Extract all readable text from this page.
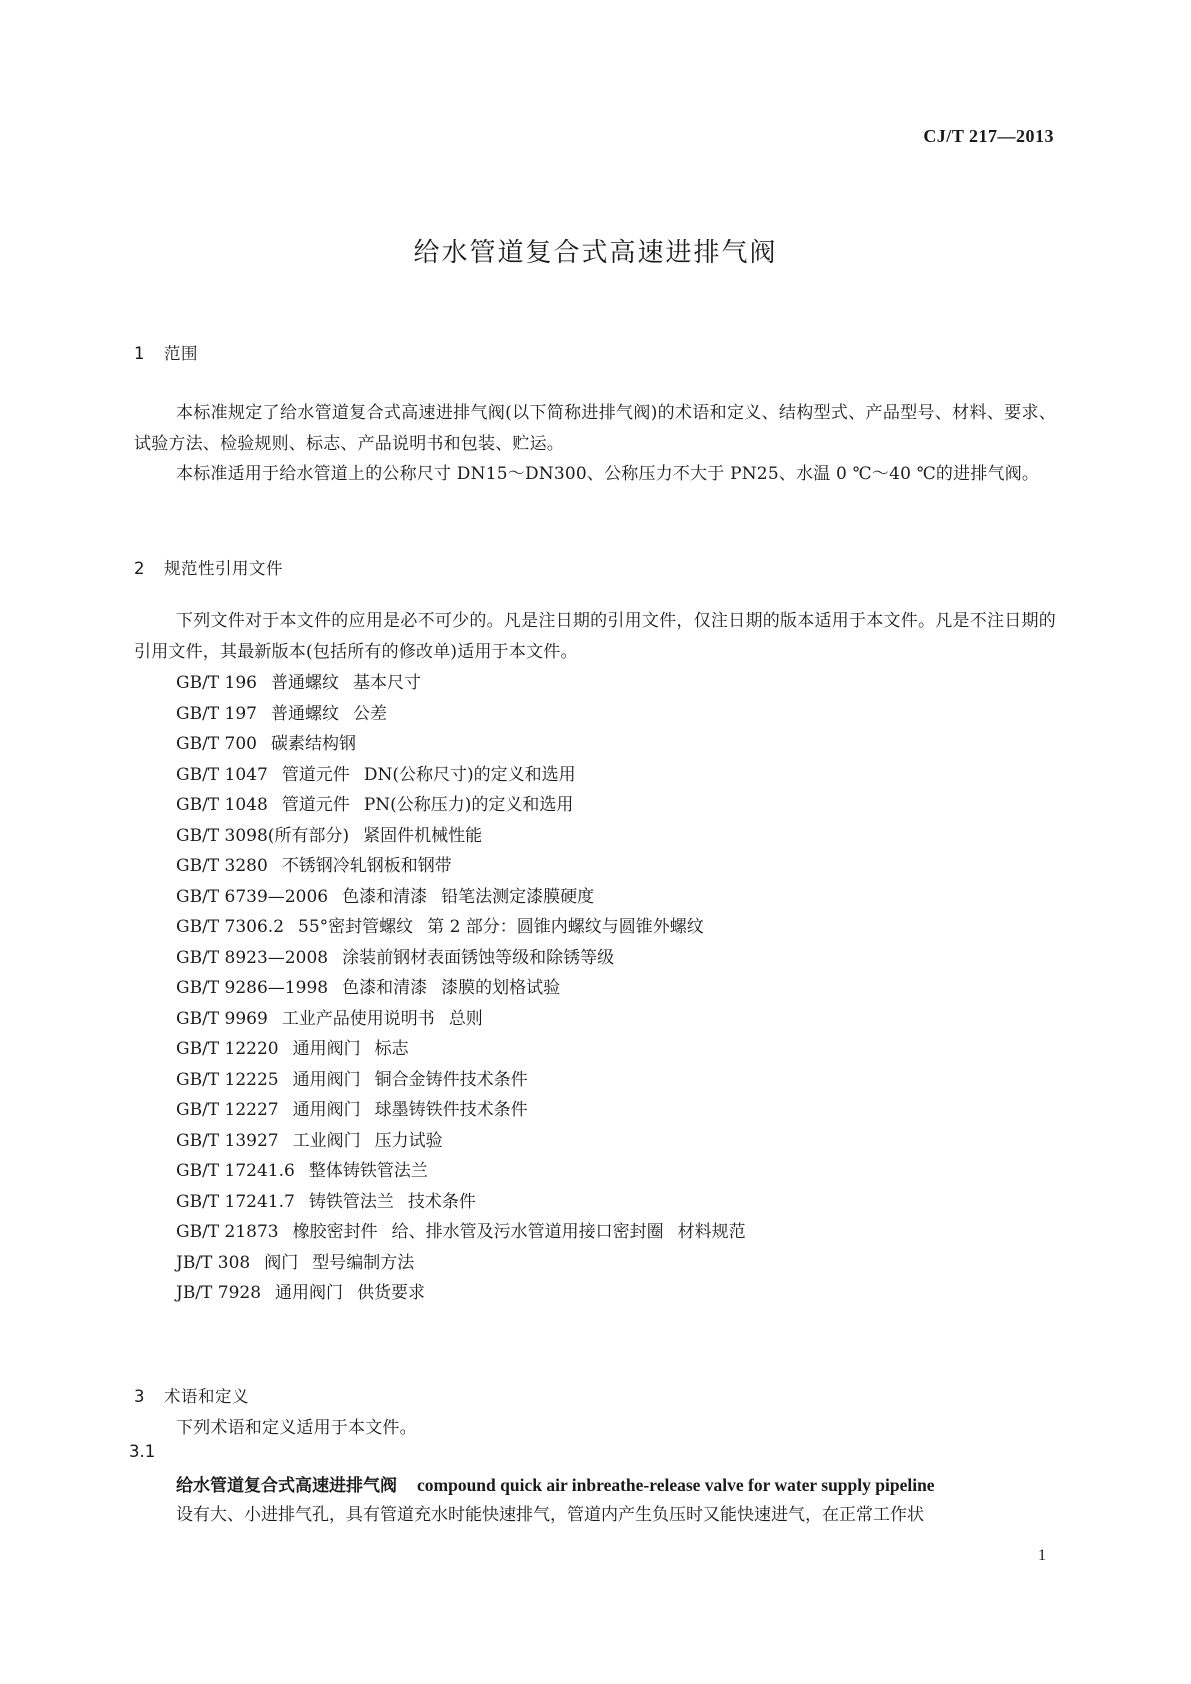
CJ/T 217—2013
给水管道复合式高速进排气阀
1 范围
本标准规定了给水管道复合式高速进排气阀(以下简称进排气阀)的术语和定义、结构型式、产品型号、材料、要求、试验方法、检验规则、标志、产品说明书和包装、贮运。
本标准适用于给水管道上的公称尺寸 DN15～DN300、公称压力不大于 PN25、水温 0 ℃～40 ℃的进排气阀。
2 规范性引用文件
下列文件对于本文件的应用是必不可少的。凡是注日期的引用文件，仅注日期的版本适用于本文件。凡是不注日期的引用文件，其最新版本(包括所有的修改单)适用于本文件。
GB/T 196 普通螺纹 基本尺寸
GB/T 197 普通螺纹 公差
GB/T 700 碳素结构钢
GB/T 1047 管道元件 DN(公称尺寸)的定义和选用
GB/T 1048 管道元件 PN(公称压力)的定义和选用
GB/T 3098(所有部分) 紧固件机械性能
GB/T 3280 不锈钢冷轧钢板和钢带
GB/T 6739—2006 色漆和清漆 铅笔法测定漆膜硬度
GB/T 7306.2 55°密封管螺纹 第 2 部分：圆锥内螺纹与圆锥外螺纹
GB/T 8923—2008 涂装前钢材表面锈蚀等级和除锈等级
GB/T 9286—1998 色漆和清漆 漆膜的划格试验
GB/T 9969 工业产品使用说明书 总则
GB/T 12220 通用阀门 标志
GB/T 12225 通用阀门 铜合金铸件技术条件
GB/T 12227 通用阀门 球墨铸铁件技术条件
GB/T 13927 工业阀门 压力试验
GB/T 17241.6 整体铸铁管法兰
GB/T 17241.7 铸铁管法兰 技术条件
GB/T 21873 橡胶密封件 给、排水管及污水管道用接口密封圈 材料规范
JB/T 308 阀门 型号编制方法
JB/T 7928 通用阀门 供货要求
3 术语和定义
下列术语和定义适用于本文件。
3.1
给水管道复合式高速进排气阀 compound quick air inbreathe-release valve for water supply pipeline
设有大、小进排气孔，具有管道充水时能快速排气，管道内产生负压时又能快速进气，在正常工作状
1
